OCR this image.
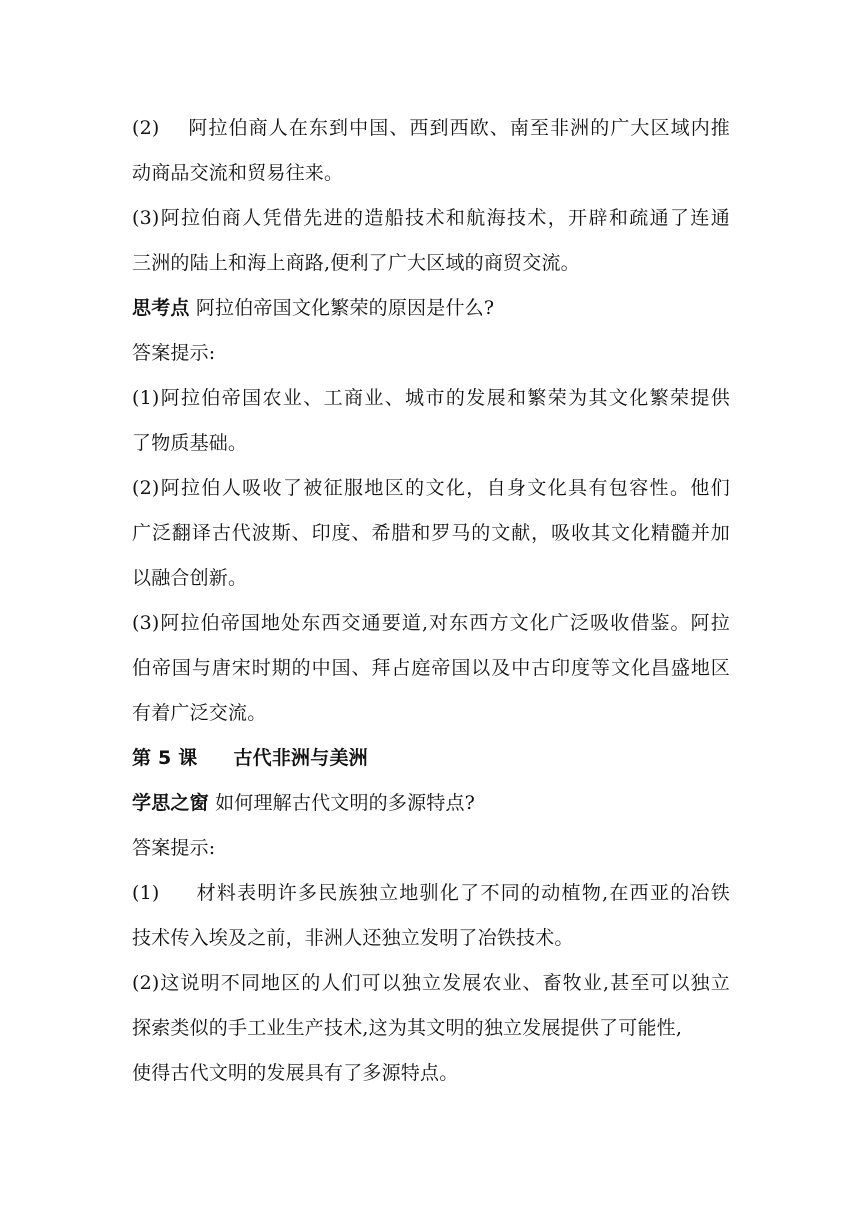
(2) 阿拉伯商人在东到中国、西到西欧、南至非洲的广大区域内推
动商品交流和贸易往来。
(3)阿拉伯商人凭借先进的造船技术和航海技术，开辟和疏通了连通
三洲的陆上和海上商路,便利了广大区域的商贸交流。
思考点 阿拉伯帝国文化繁荣的原因是什么?
答案提示:
(1)阿拉伯帝国农业、工商业、城市的发展和繁荣为其文化繁荣提供
了物质基础。
(2)阿拉伯人吸收了被征服地区的文化，自身文化具有包容性。他们
广泛翻译古代波斯、印度、希腊和罗马的文献，吸收其文化精髓并加
以融合创新。
(3)阿拉伯帝国地处东西交通要道,对东西方文化广泛吸收借鉴。阿拉
伯帝国与唐宋时期的中国、拜占庭帝国以及中古印度等文化昌盛地区
有着广泛交流。
第 5 课 古代非洲与美洲
学思之窗 如何理解古代文明的多源特点?
答案提示:
(1) 材料表明许多民族独立地驯化了不同的动植物,在西亚的冶铁
技术传入埃及之前，非洲人还独立发明了冶铁技术。
(2)这说明不同地区的人们可以独立发展农业、畜牧业,甚至可以独立
探索类似的手工业生产技术,这为其文明的独立发展提供了可能性,
使得古代文明的发展具有了多源特点。
